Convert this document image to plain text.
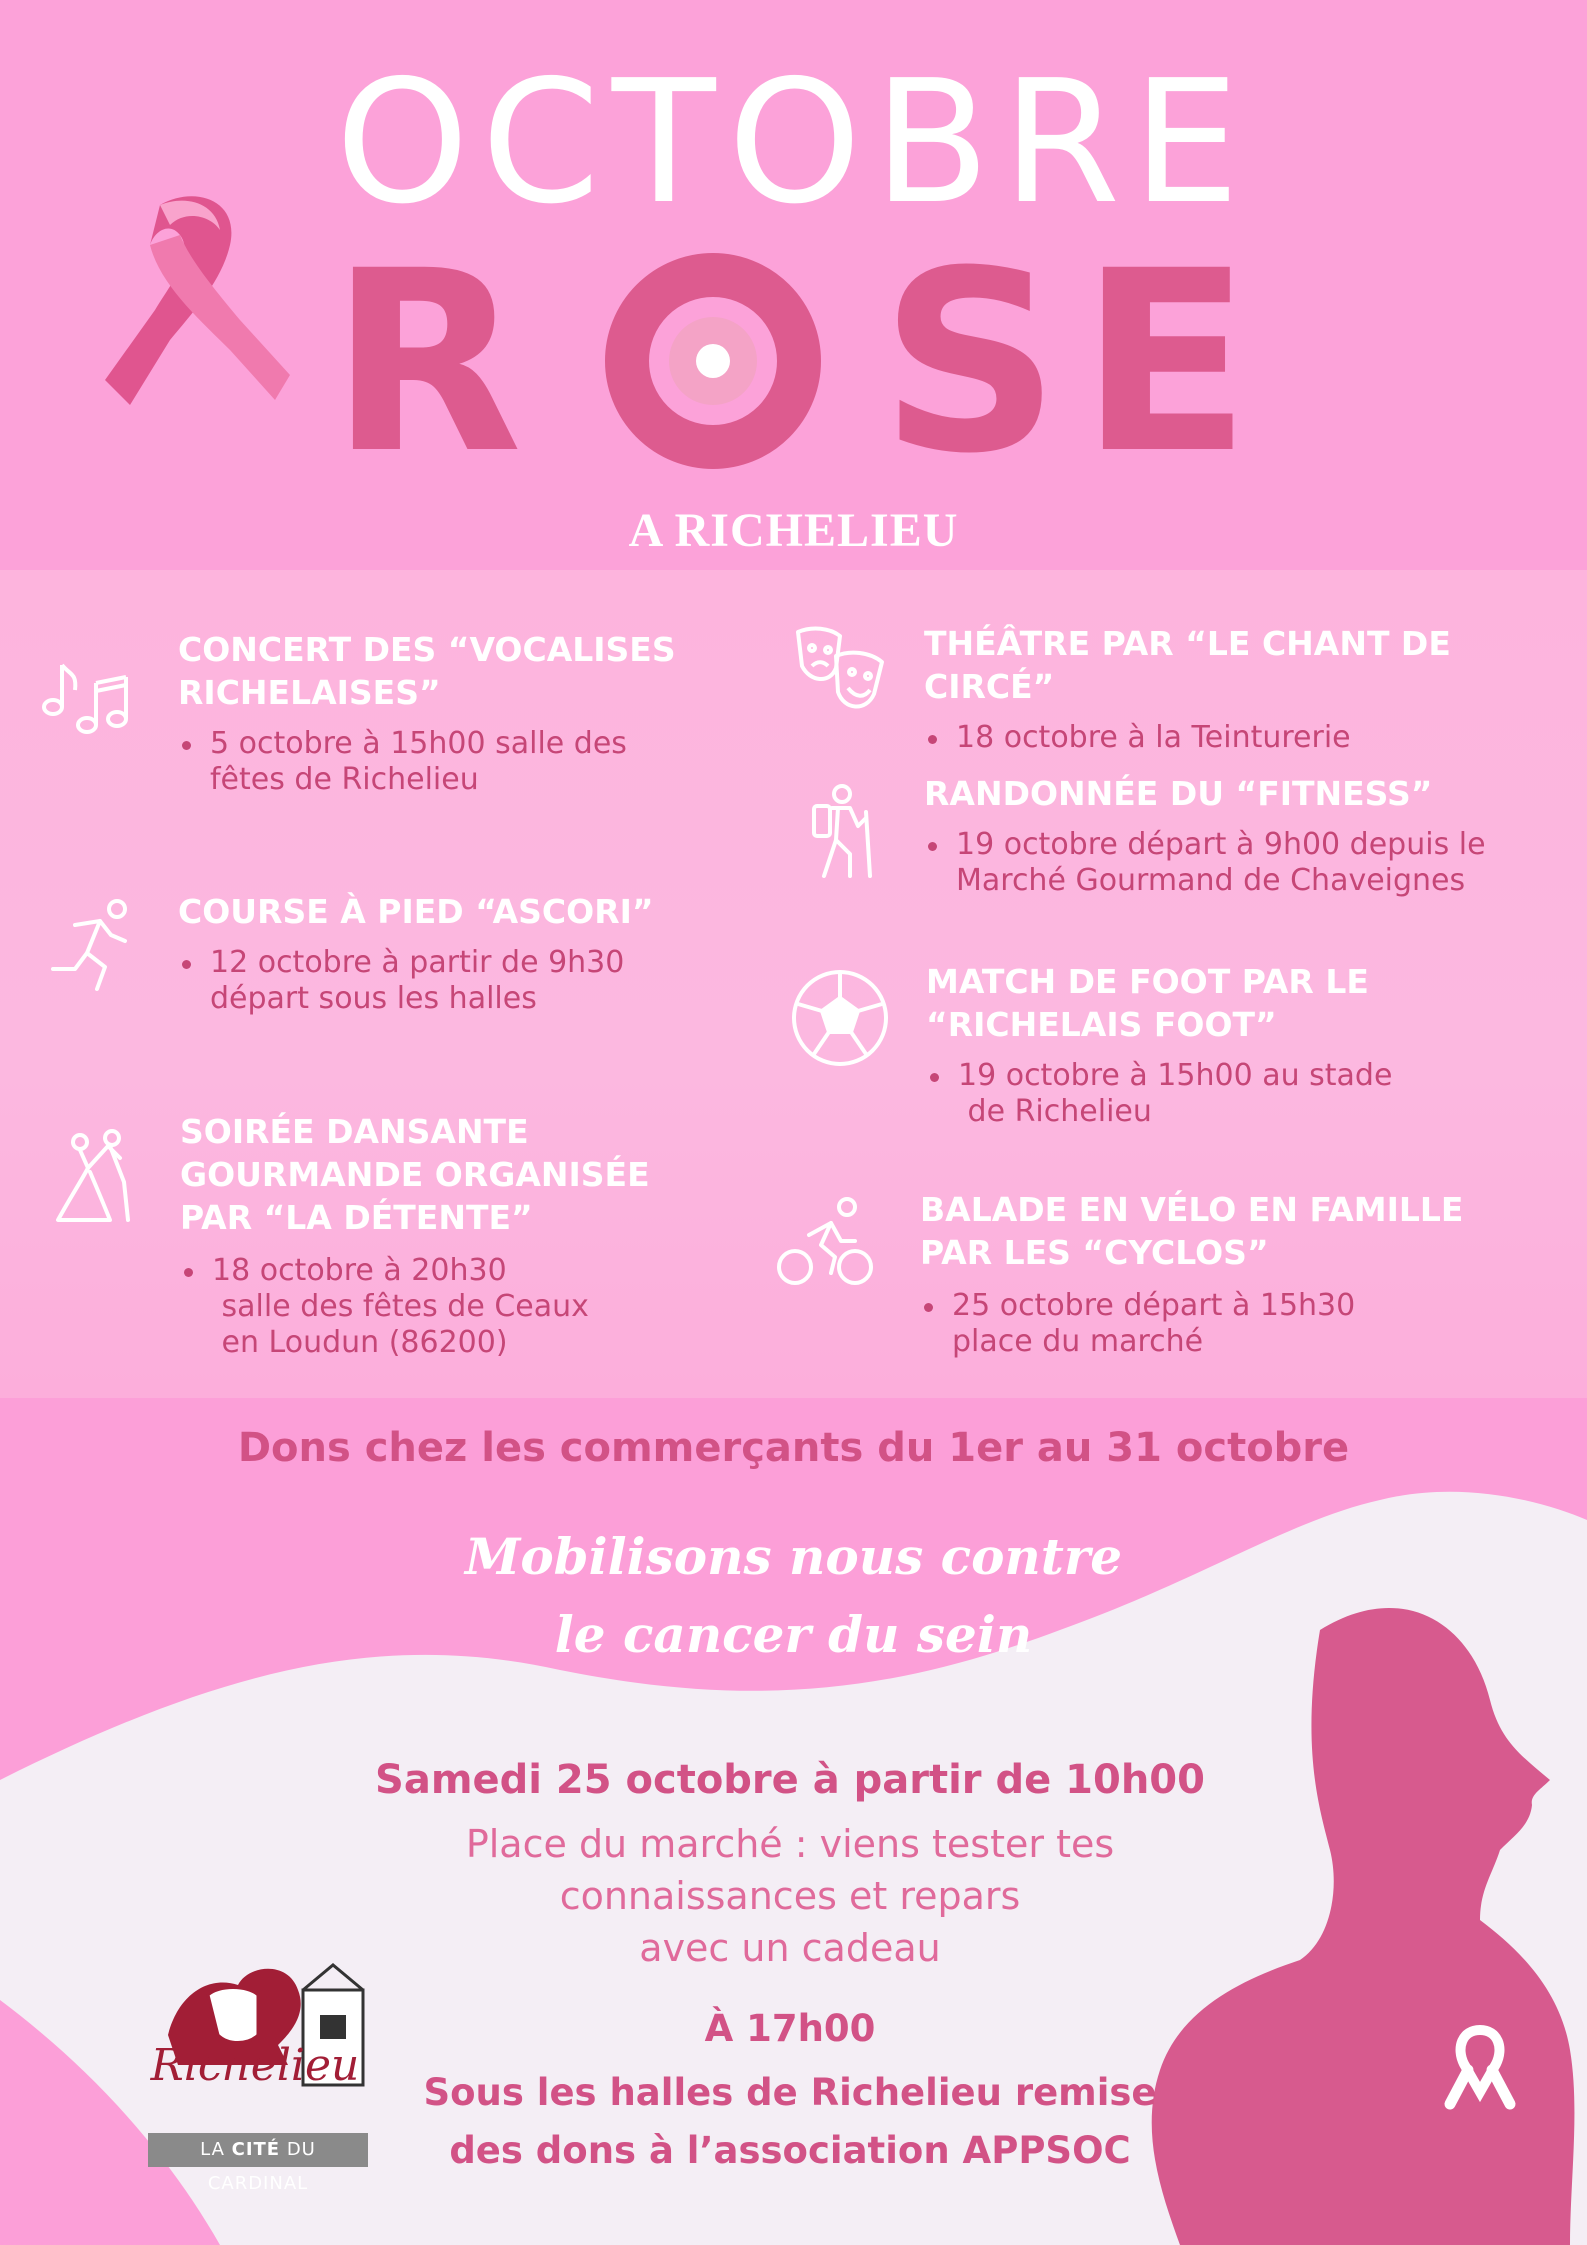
OCTOBRE
R S E
A RICHELIEU

CONCERT DES “VOCALISES

RICHELAISES”

5 octobre à 15h00 salle des
fêtes de Richelieu

COURSE À PIED “ASCORI”

12 octobre à partir de 9h30
départ sous les halles

SOIRÉE DANSANTE

GOURMANDE ORGANISÉE

PAR “LA DÉTENTE”

18 octobre à 20h30
salle des fêtes de Ceaux
en Loudun (86200)

THÉÂTRE PAR “LE CHANT DE CIRCÉ”

18 octobre à la Teinturerie

RANDONNÉE DU “FITNESS”

19 octobre départ à 9h00 depuis le
Marché Gourmand de Chaveignes

MATCH DE FOOT PAR LE

“RICHELAIS FOOT”

19 octobre à 15h00 au stade
de Richelieu

BALADE EN VÉLO EN FAMILLE

PAR LES “CYCLOS”

25 octobre départ à 15h30
place du marché

Dons chez les commerçants du 1er au 31 octobre
Mobilisons nous contre
le cancer du sein

Samedi 25 octobre à partir de 10h00

Place du marché : viens tester tes
connaissances et repars
avec un cadeau

À 17h00

Sous les halles de Richelieu remise
des dons à l’association APPSOC

Richelieu
LA CITÉ DU CARDINAL
